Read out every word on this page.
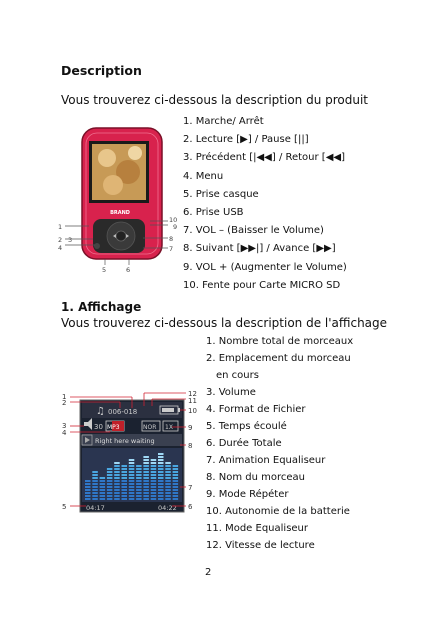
Description
Vous trouverez ci-dessous la description du produit
BRAND
1
2 3
4
5	6
10
9
8
7
1. Marche/ Arrêt
2. Lecture [▶] / Pause [||]
3. Précédent [|◀◀] / Retour [◀◀]
4. Menu
5. Prise casque
6. Prise USB
7. VOL – (Baisser le Volume)
8. Suivant [▶▶|] / Avance [▶▶]
9. VOL + (Augmenter le Volume)
10. Fente pour Carte MICRO SD
1. Affichage
Vous trouverez ci-dessous la description de l'affichage
♫ 006-018
30 MP3	NOR 1X
Right here waiting
04:17	04:22
1
2
3
4
5
12
11
10
9
8
7
6
1. Nombre total de morceaux
2. Emplacement du morceau
en cours
3. Volume
4. Format de Fichier
5. Temps écoulé
6. Durée Totale
7. Animation Equaliseur
8. Nom du morceau
9. Mode Répéter
10. Autonomie de la batterie
11. Mode Equaliseur
12. Vitesse de lecture
2
